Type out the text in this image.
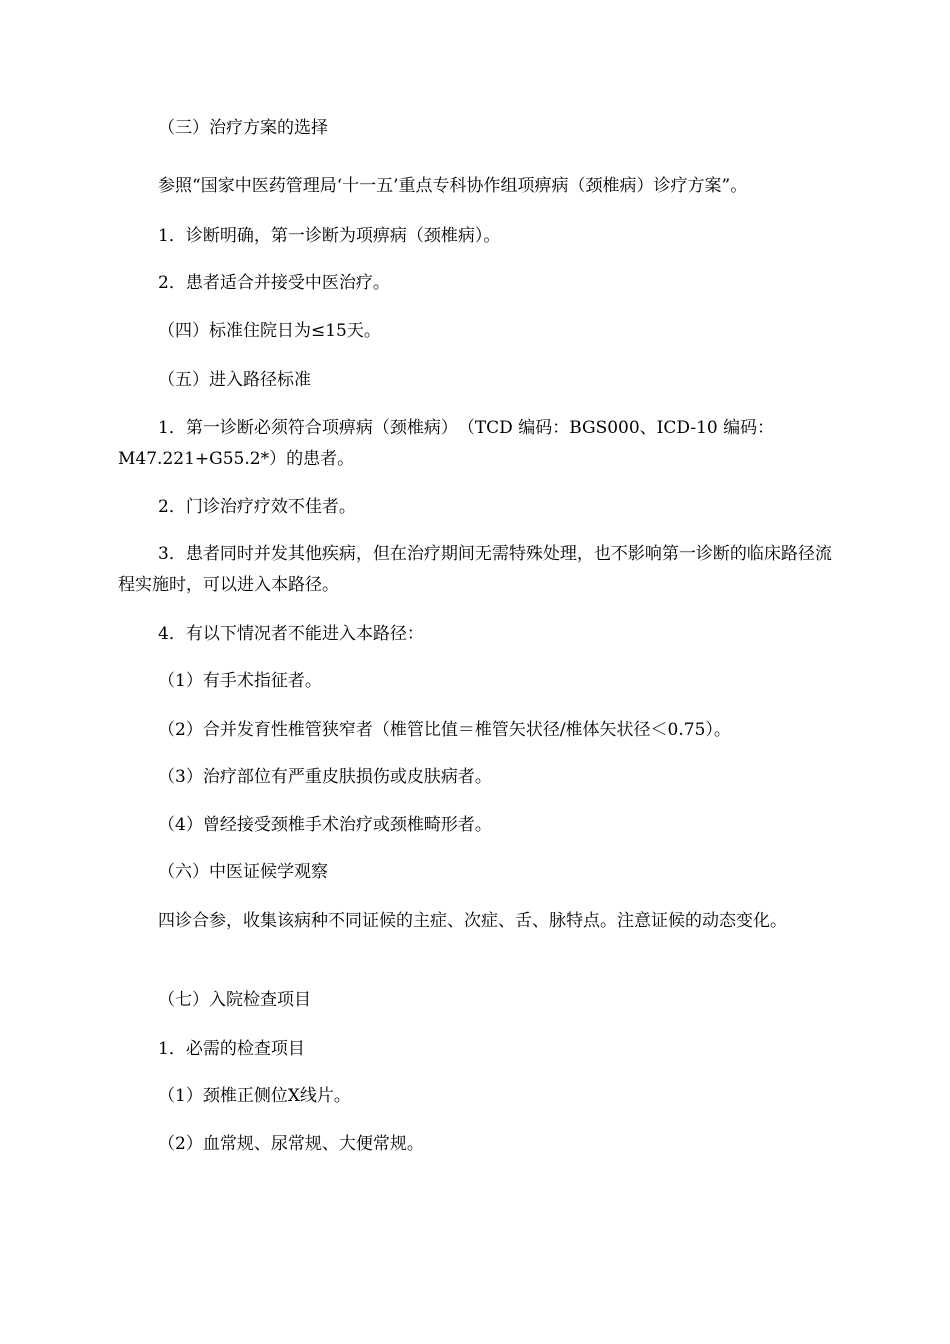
（三）治疗方案的选择

参照“国家中医药管理局‘十一五’重点专科协作组项痹病（颈椎病）诊疗方案”。

1．诊断明确，第一诊断为项痹病（颈椎病）。

2．患者适合并接受中医治疗。

（四）标准住院日为≤15天。

（五）进入路径标准

1．第一诊断必须符合项痹病（颈椎病）　（TCD 编码：BGS000、ICD-10 编码：M47.221+G55.2*）的患者。

2．门诊治疗疗效不佳者。

3．患者同时并发其他疾病，但在治疗期间无需特殊处理，也不影响第一诊断的临床路径流程实施时，可以进入本路径。

4．有以下情况者不能进入本路径：

（1）有手术指征者。

（2）合并发育性椎管狭窄者（椎管比值＝椎管矢状径/椎体矢状径＜0.75）。

（3）治疗部位有严重皮肤损伤或皮肤病者。

（4）曾经接受颈椎手术治疗或颈椎畸形者。

（六）中医证候学观察

四诊合参，收集该病种不同证候的主症、次症、舌、脉特点。注意证候的动态变化。

（七）入院检查项目

1．必需的检查项目

（1）颈椎正侧位X线片。

（2）血常规、尿常规、大便常规。
